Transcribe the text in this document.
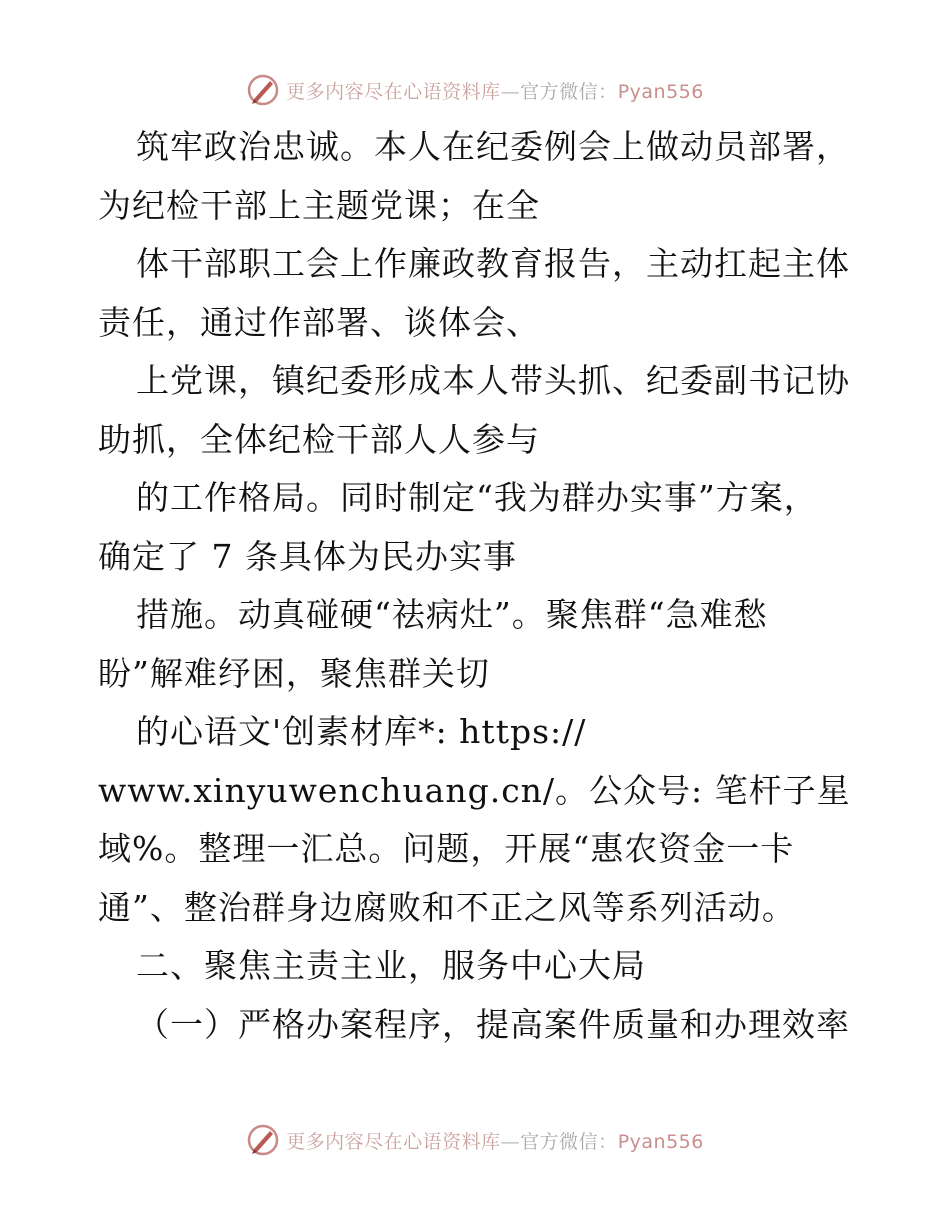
更多内容尽在心语资料库—官方微信：Pyan556
筑牢政治忠诚。本人在纪委例会上做动员部署，
为纪检干部上主题党课；在全
体干部职工会上作廉政教育报告，主动扛起主体
责任，通过作部署、谈体会、
上党课，镇纪委形成本人带头抓、纪委副书记协
助抓，全体纪检干部人人参与
的工作格局。同时制定“我为群办实事”方案，
确定了 7 条具体为民办实事
措施。动真碰硬“祛病灶”。聚焦群“急难愁
盼”解难纾困，聚焦群关切
的心语文'创素材库*: https://
www.xinyuwenchuang.cn/。公众号: 笔杆子星
域%。整理一汇总。问题，开展“惠农资金一卡
通”、整治群身边腐败和不正之风等系列活动。
二、聚焦主责主业，服务中心大局
（一）严格办案程序，提高案件质量和办理效率
更多内容尽在心语资料库—官方微信：Pyan556
